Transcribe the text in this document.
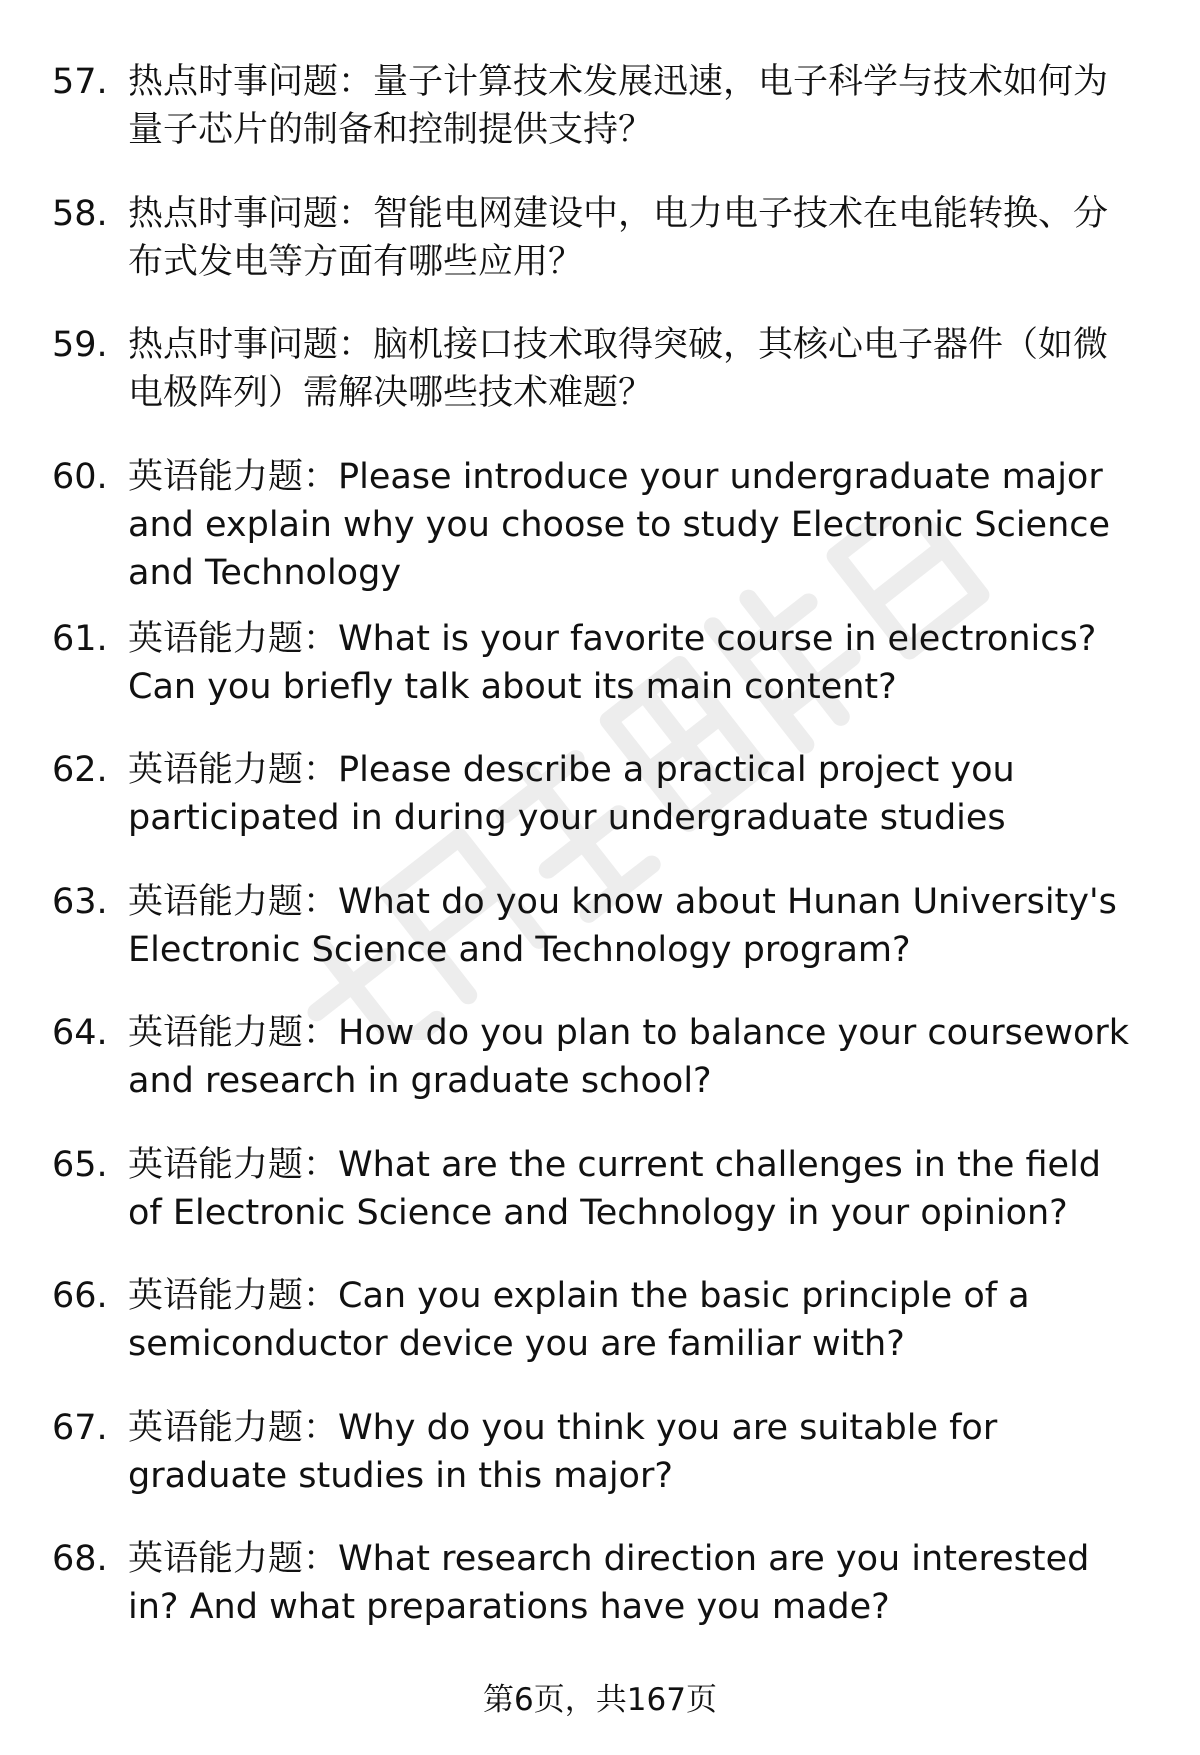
57. 热点时事问题：量子计算技术发展迅速，电子科学与技术如何为量子芯片的制备和控制提供支持？
58. 热点时事问题：智能电网建设中，电力电子技术在电能转换、分布式发电等方面有哪些应用？
59. 热点时事问题：脑机接口技术取得突破，其核心电子器件（如微电极阵列）需解决哪些技术难题？
60. 英语能力题：Please introduce your undergraduate major and explain why you choose to study Electronic Science and Technology
61. 英语能力题：What is your favorite course in electronics? Can you briefly talk about its main content?
62. 英语能力题：Please describe a practical project you participated in during your undergraduate studies
63. 英语能力题：What do you know about Hunan University's Electronic Science and Technology program?
64. 英语能力题：How do you plan to balance your coursework and research in graduate school?
65. 英语能力题：What are the current challenges in the field of Electronic Science and Technology in your opinion?
66. 英语能力题：Can you explain the basic principle of a semiconductor device you are familiar with?
67. 英语能力题：Why do you think you are suitable for graduate studies in this major?
68. 英语能力题：What research direction are you interested in? And what preparations have you made?
第6页，共167页
